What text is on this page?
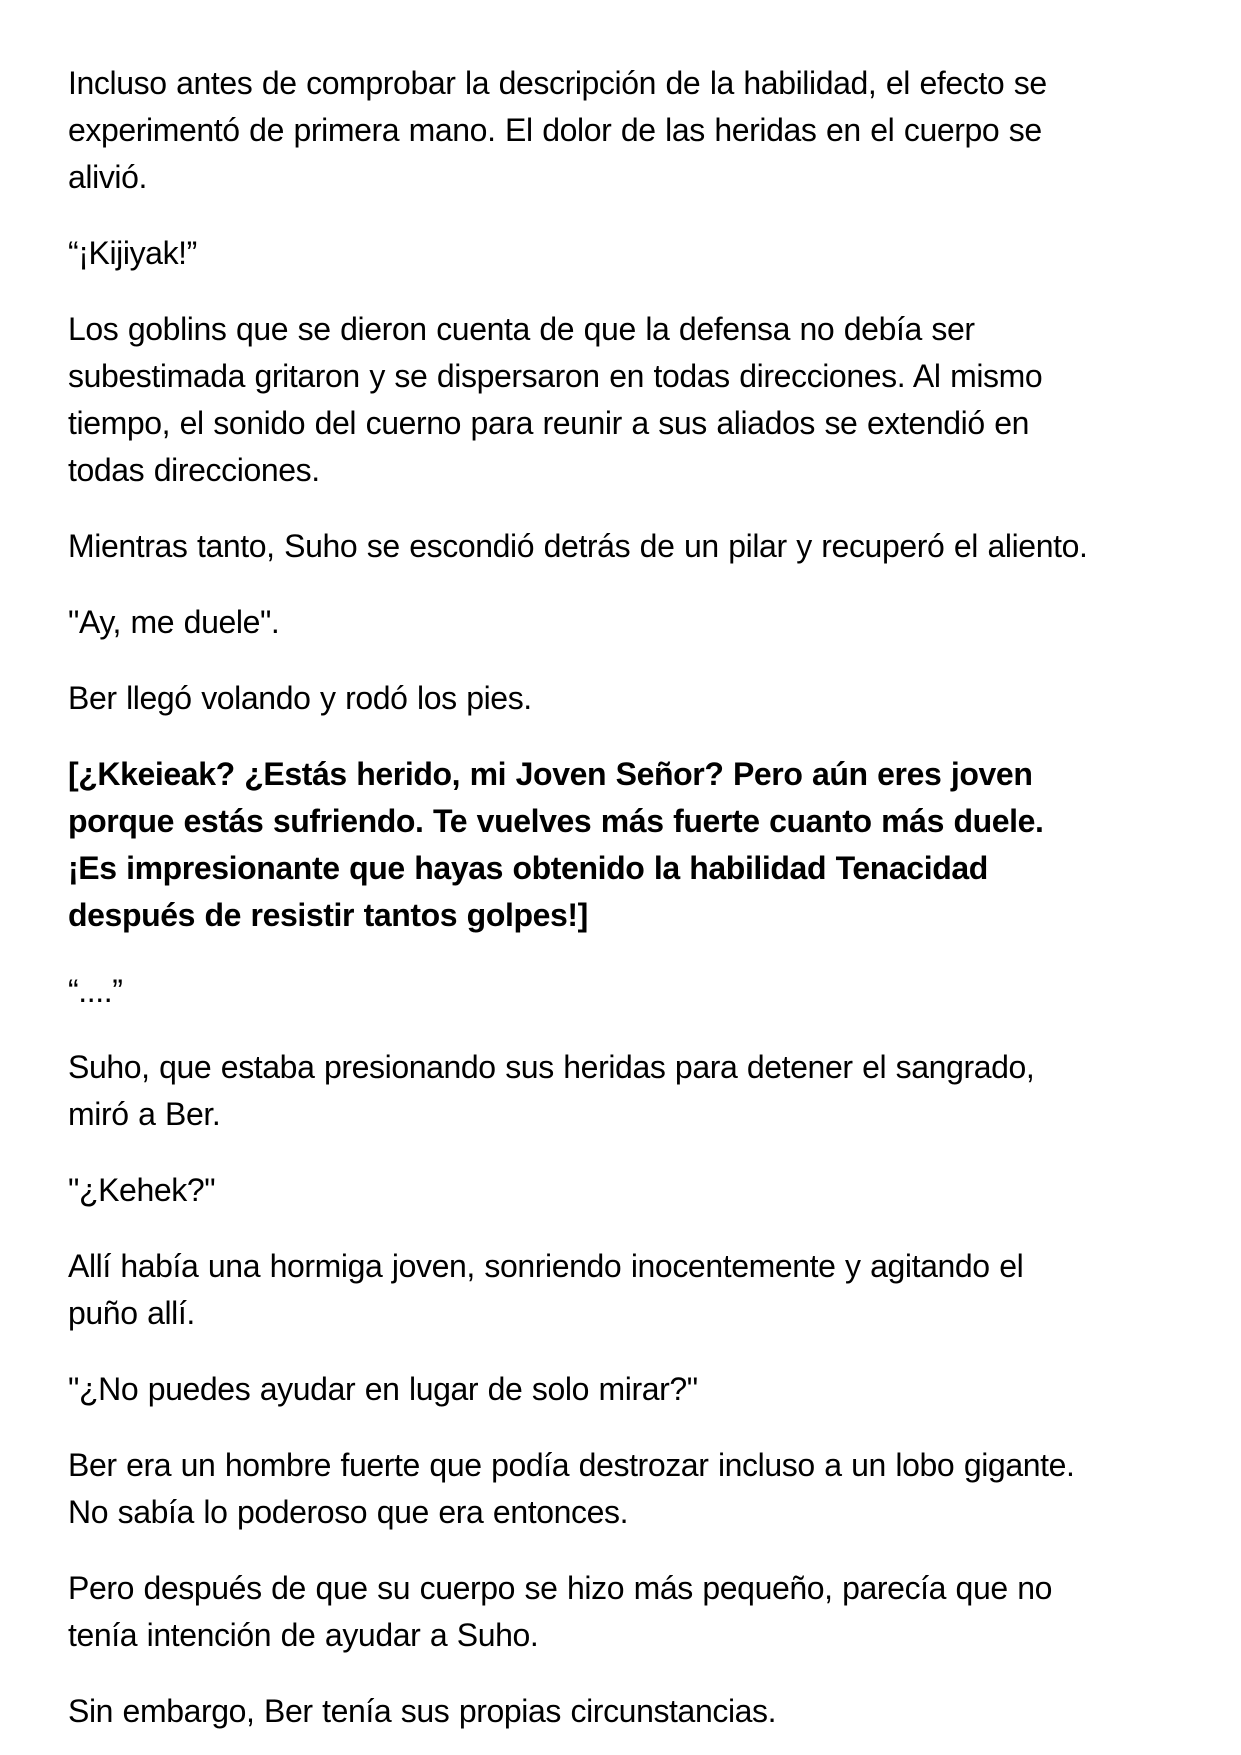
Incluso antes de comprobar la descripción de la habilidad, el efecto se experimentó de primera mano. El dolor de las heridas en el cuerpo se alivió.

“¡Kijiyak!”

Los goblins que se dieron cuenta de que la defensa no debía ser subestimada gritaron y se dispersaron en todas direcciones. Al mismo tiempo, el sonido del cuerno para reunir a sus aliados se extendió en todas direcciones.

Mientras tanto, Suho se escondió detrás de un pilar y recuperó el aliento.

"Ay, me duele".

Ber llegó volando y rodó los pies.

[¿Kkeieak? ¿Estás herido, mi Joven Señor? Pero aún eres joven porque estás sufriendo. Te vuelves más fuerte cuanto más duele. ¡Es impresionante que hayas obtenido la habilidad Tenacidad después de resistir tantos golpes!]

“....”

Suho, que estaba presionando sus heridas para detener el sangrado, miró a Ber.

"¿Kehek?"

Allí había una hormiga joven, sonriendo inocentemente y agitando el puño allí.

"¿No puedes ayudar en lugar de solo mirar?"

Ber era un hombre fuerte que podía destrozar incluso a un lobo gigante. No sabía lo poderoso que era entonces.

Pero después de que su cuerpo se hizo más pequeño, parecía que no tenía intención de ayudar a Suho.

Sin embargo, Ber tenía sus propias circunstancias.
